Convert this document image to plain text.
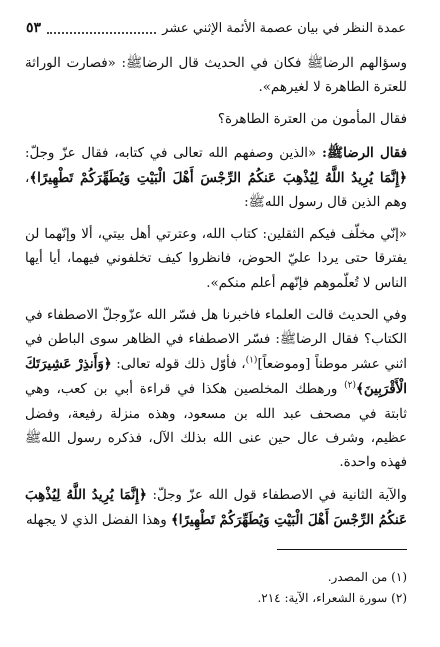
عمدة النظر في بيان عصمة الأئمة الإثني عشر
٥٣

وسؤالهم الرضاﷺ فكان في الحديث قال الرضاﷺ: «فصارت الوراثة للعترة الطاهرة لا لغيرهم».

فقال المأمون من العترة الطاهرة؟

فقال الرضاﷺ: «الذين وصفهم الله تعالى في كتابه، فقال عزّ وجلّ: ﴿إِنَّمَا يُرِيدُ اللَّهُ لِيُذْهِبَ عَنكُمُ الرِّجْسَ أَهْلَ الْبَيْتِ وَيُطَهِّرَكُمْ تَطْهِيرًا﴾، وهم الذين قال رسول اللهﷺ:

«إنّي مخلّف فيكم الثقلين: كتاب الله، وعترتي أهل بيتي، ألا وإنّهما لن يفترقا حتى يردا عليّ الحوض، فانظروا كيف تخلفوني فيهما، أيا أيها الناس لا تُعلّموهم فإنّهم أعلم منكم».

وفي الحديث قالت العلماء فاخبرنا هل فسّر الله عزّوجلّ الاصطفاء في الكتاب؟ فقال الرضاﷺ: فسّر الاصطفاء في الظاهر سوى الباطن في اثني عشر موطناً [وموضعاً]$^{(١)}$، فأوّل ذلك قوله تعالى: ﴿وَأَنذِرْ عَشِيرَتَكَ الْأَقْرَبِينَ﴾$^{(٢)}$ ورهطك المخلصين هكذا في قراءة أبي بن كعب، وهي ثابتة في مصحف عبد الله بن مسعود، وهذه منزلة رفيعة، وفضل عظيم، وشرف عال حين عنى الله بذلك الآل، فذكره رسول اللهﷺ فهذه واحدة.

والآية الثانية في الاصطفاء قول الله عزّ وجلّ: ﴿إِنَّمَا يُرِيدُ اللَّهُ لِيُذْهِبَ عَنكُمُ الرِّجْسَ أَهْلَ الْبَيْتِ وَيُطَهِّرَكُمْ تَطْهِيرًا﴾ وهذا الفضل الذي لا يجهله

(١) من المصدر.
(٢) سورة الشعراء، الآية: ٢١٤.
